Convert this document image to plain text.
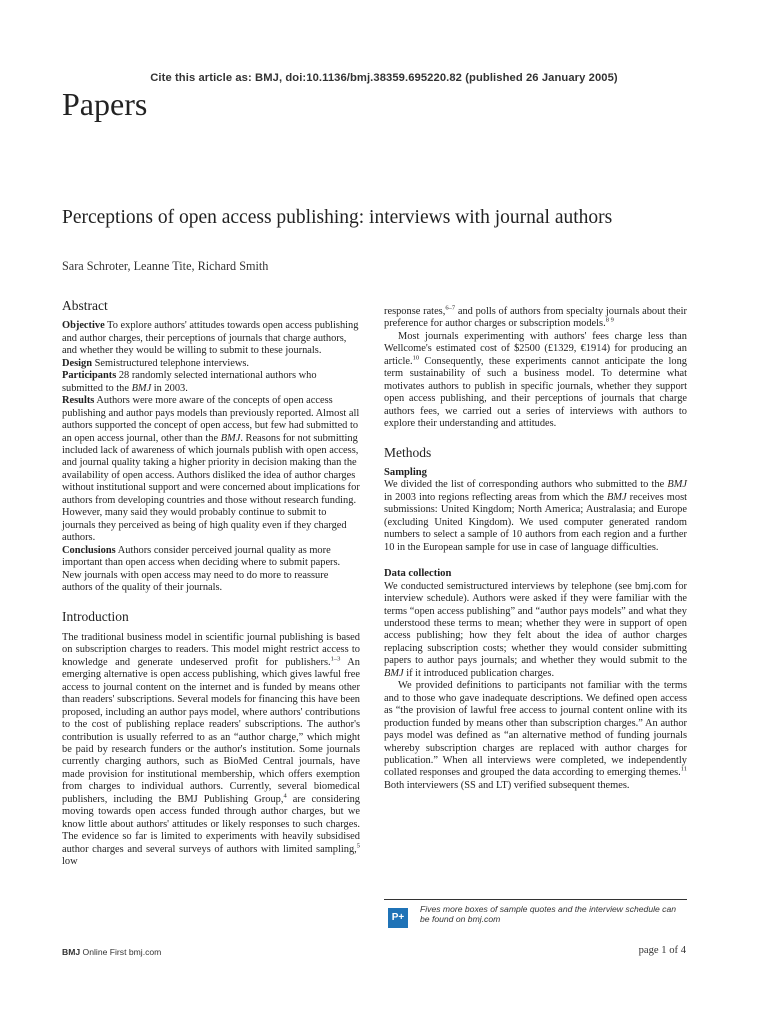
Cite this article as: BMJ, doi:10.1136/bmj.38359.695220.82 (published 26 January 2005)
Papers
Perceptions of open access publishing: interviews with journal authors
Sara Schroter, Leanne Tite, Richard Smith
Abstract

Objective To explore authors' attitudes towards open access publishing and author charges, their perceptions of journals that charge authors, and whether they would be willing to submit to these journals.

Design Semistructured telephone interviews.

Participants 28 randomly selected international authors who submitted to the BMJ in 2003.

Results Authors were more aware of the concepts of open access publishing and author pays models than previously reported. Almost all authors supported the concept of open access, but few had submitted to an open access journal, other than the BMJ. Reasons for not submitting included lack of awareness of which journals publish with open access, and journal quality taking a higher priority in decision making than the availability of open access. Authors disliked the idea of author charges without institutional support and were concerned about implications for authors from developing countries and those without research funding. However, many said they would probably continue to submit to journals they perceived as being of high quality even if they charged authors.

Conclusions Authors consider perceived journal quality as more important than open access when deciding where to submit papers. New journals with open access may need to do more to reassure authors of the quality of their journals.

Introduction

The traditional business model in scientific journal publishing is based on subscription charges to readers. This model might restrict access to knowledge and generate undeserved profit for publishers.$^{1-3}$ An emerging alternative is open access publishing, which gives lawful free access to journal content on the internet and is funded by means other than readers' subscriptions. Several models for financing this have been proposed, including an author pays model, where authors' contributions to the cost of publishing replace readers' subscriptions. The author's contribution is usually referred to as an “author charge,” which might be paid by research funders or the author's institution. Some journals currently charging authors, such as BioMed Central journals, have made provision for institutional membership, which offers exemption from charges to individual authors. Currently, several biomedical publishers, including the BMJ Publishing Group,$^4$ are considering moving towards open access funded through author charges, but we know little about authors' attitudes or likely responses to such charges. The evidence so far is limited to experiments with heavily subsidised author charges and several surveys of authors with limited sampling,$^5$ low

response rates,$^{6-7}$ and polls of authors from specialty journals about their preference for author charges or subscription models.$^{8 9}$

Most journals experimenting with authors' fees charge less than Wellcome's estimated cost of $2500 (£1329, €1914) for producing an article.$^{10}$ Consequently, these experiments cannot anticipate the long term sustainability of such a business model. To determine what motivates authors to publish in specific journals, whether they support open access publishing, and their perceptions of journals that charge authors fees, we carried out a series of interviews with authors to explore their understanding and attitudes.

Methods
Sampling

We divided the list of corresponding authors who submitted to the BMJ in 2003 into regions reflecting areas from which the BMJ receives most submissions: United Kingdom; North America; Australasia; and Europe (excluding United Kingdom). We used computer generated random numbers to select a sample of 10 authors from each region and a further 10 in the European sample for use in case of language difficulties.

Data collection

We conducted semistructured interviews by telephone (see bmj.com for interview schedule). Authors were asked if they were familiar with the terms “open access publishing” and “author pays models” and what they understood these terms to mean; whether they were in support of open access publishing; how they felt about the idea of author charges replacing subscription costs; whether they would consider submitting papers to author pays journals; and whether they would submit to the BMJ if it introduced publication charges.

We provided definitions to participants not familiar with the terms and to those who gave inadequate descriptions. We defined open access as “the provision of lawful free access to journal content online with its production funded by means other than subscription charges.” An author pays model was defined as “an alternative method of funding journals whereby subscription charges are replaced with author charges for publication.” When all interviews were completed, we independently collated responses and grouped the data according to emerging themes.$^{11}$ Both interviewers (SS and LT) verified subsequent themes.

P+
Fives more boxes of sample quotes and the interview schedule can be found on bmj.com
BMJ Online First bmj.com	page 1 of 4
